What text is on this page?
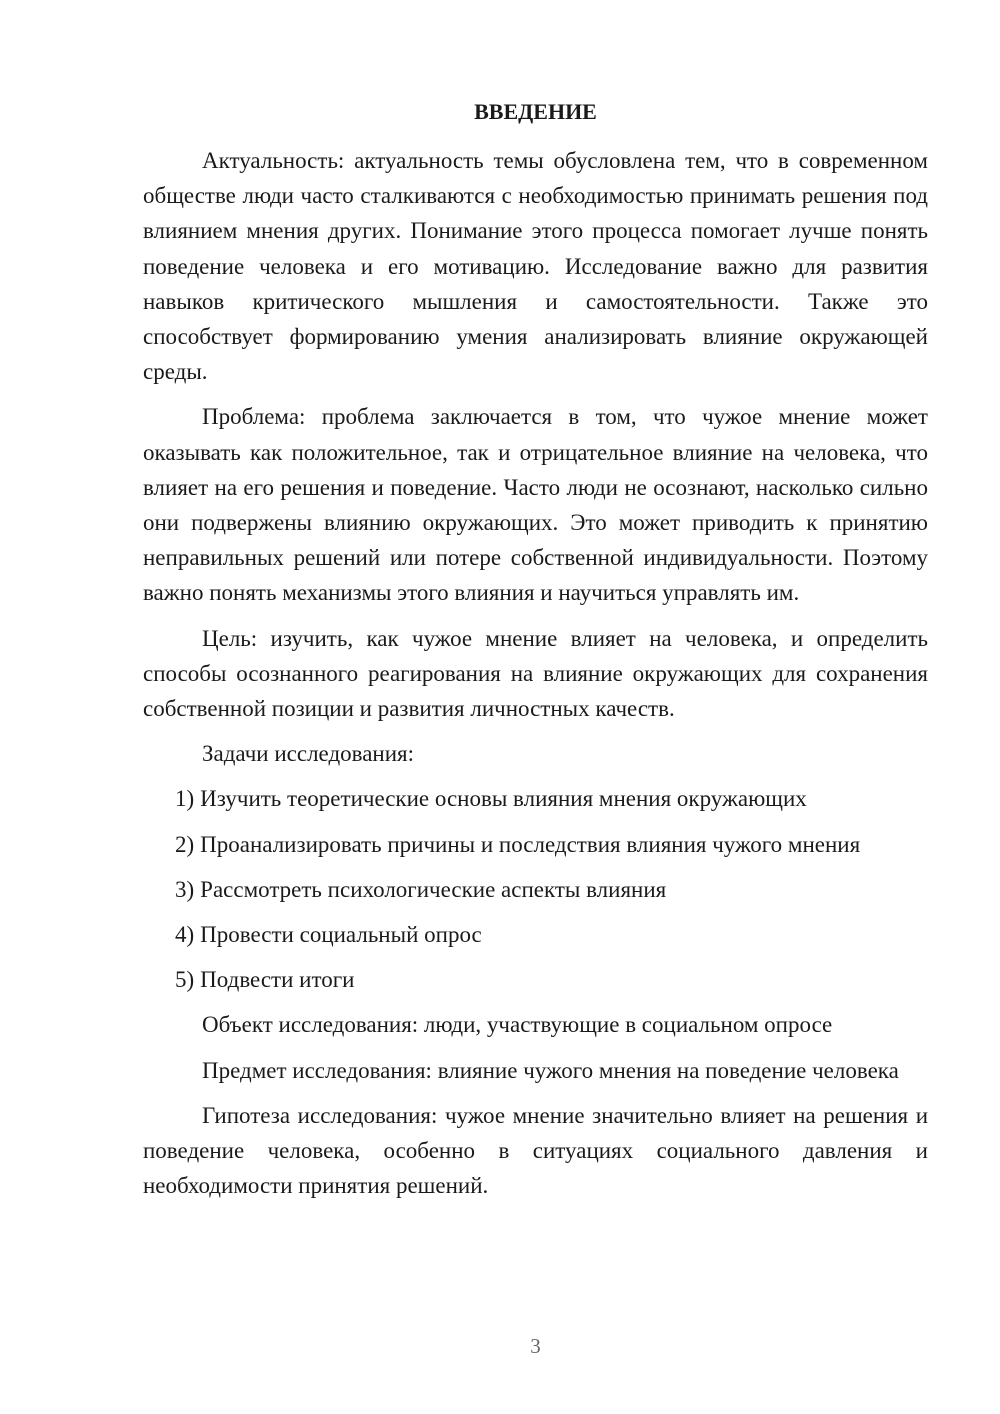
ВВЕДЕНИЕ

Актуальность: актуальность темы обусловлена тем, что в современном обществе люди часто сталкиваются с необходимостью принимать решения под влиянием мнения других. Понимание этого процесса помогает лучше понять поведение человека и его мотивацию. Исследование важно для развития навыков критического мышления и самостоятельности. Также это способствует формированию умения анализировать влияние окружающей среды.

Проблема: проблема заключается в том, что чужое мнение может оказывать как положительное, так и отрицательное влияние на человека, что влияет на его решения и поведение. Часто люди не осознают, насколько сильно они подвержены влиянию окружающих. Это может приводить к принятию неправильных решений или потере собственной индивидуальности. Поэтому важно понять механизмы этого влияния и научиться управлять им.

Цель: изучить, как чужое мнение влияет на человека, и определить способы осознанного реагирования на влияние окружающих для сохранения собственной позиции и развития личностных качеств.

Задачи исследования:

1) Изучить теоретические основы влияния мнения окружающих
2) Проанализировать причины и последствия влияния чужого мнения
3) Рассмотреть психологические аспекты влияния
4) Провести социальный опрос
5) Подвести итоги

Объект исследования: люди, участвующие в социальном опросе

Предмет исследования: влияние чужого мнения на поведение человека

Гипотеза исследования: чужое мнение значительно влияет на решения и поведение человека, особенно в ситуациях социального давления и необходимости принятия решений.

3
